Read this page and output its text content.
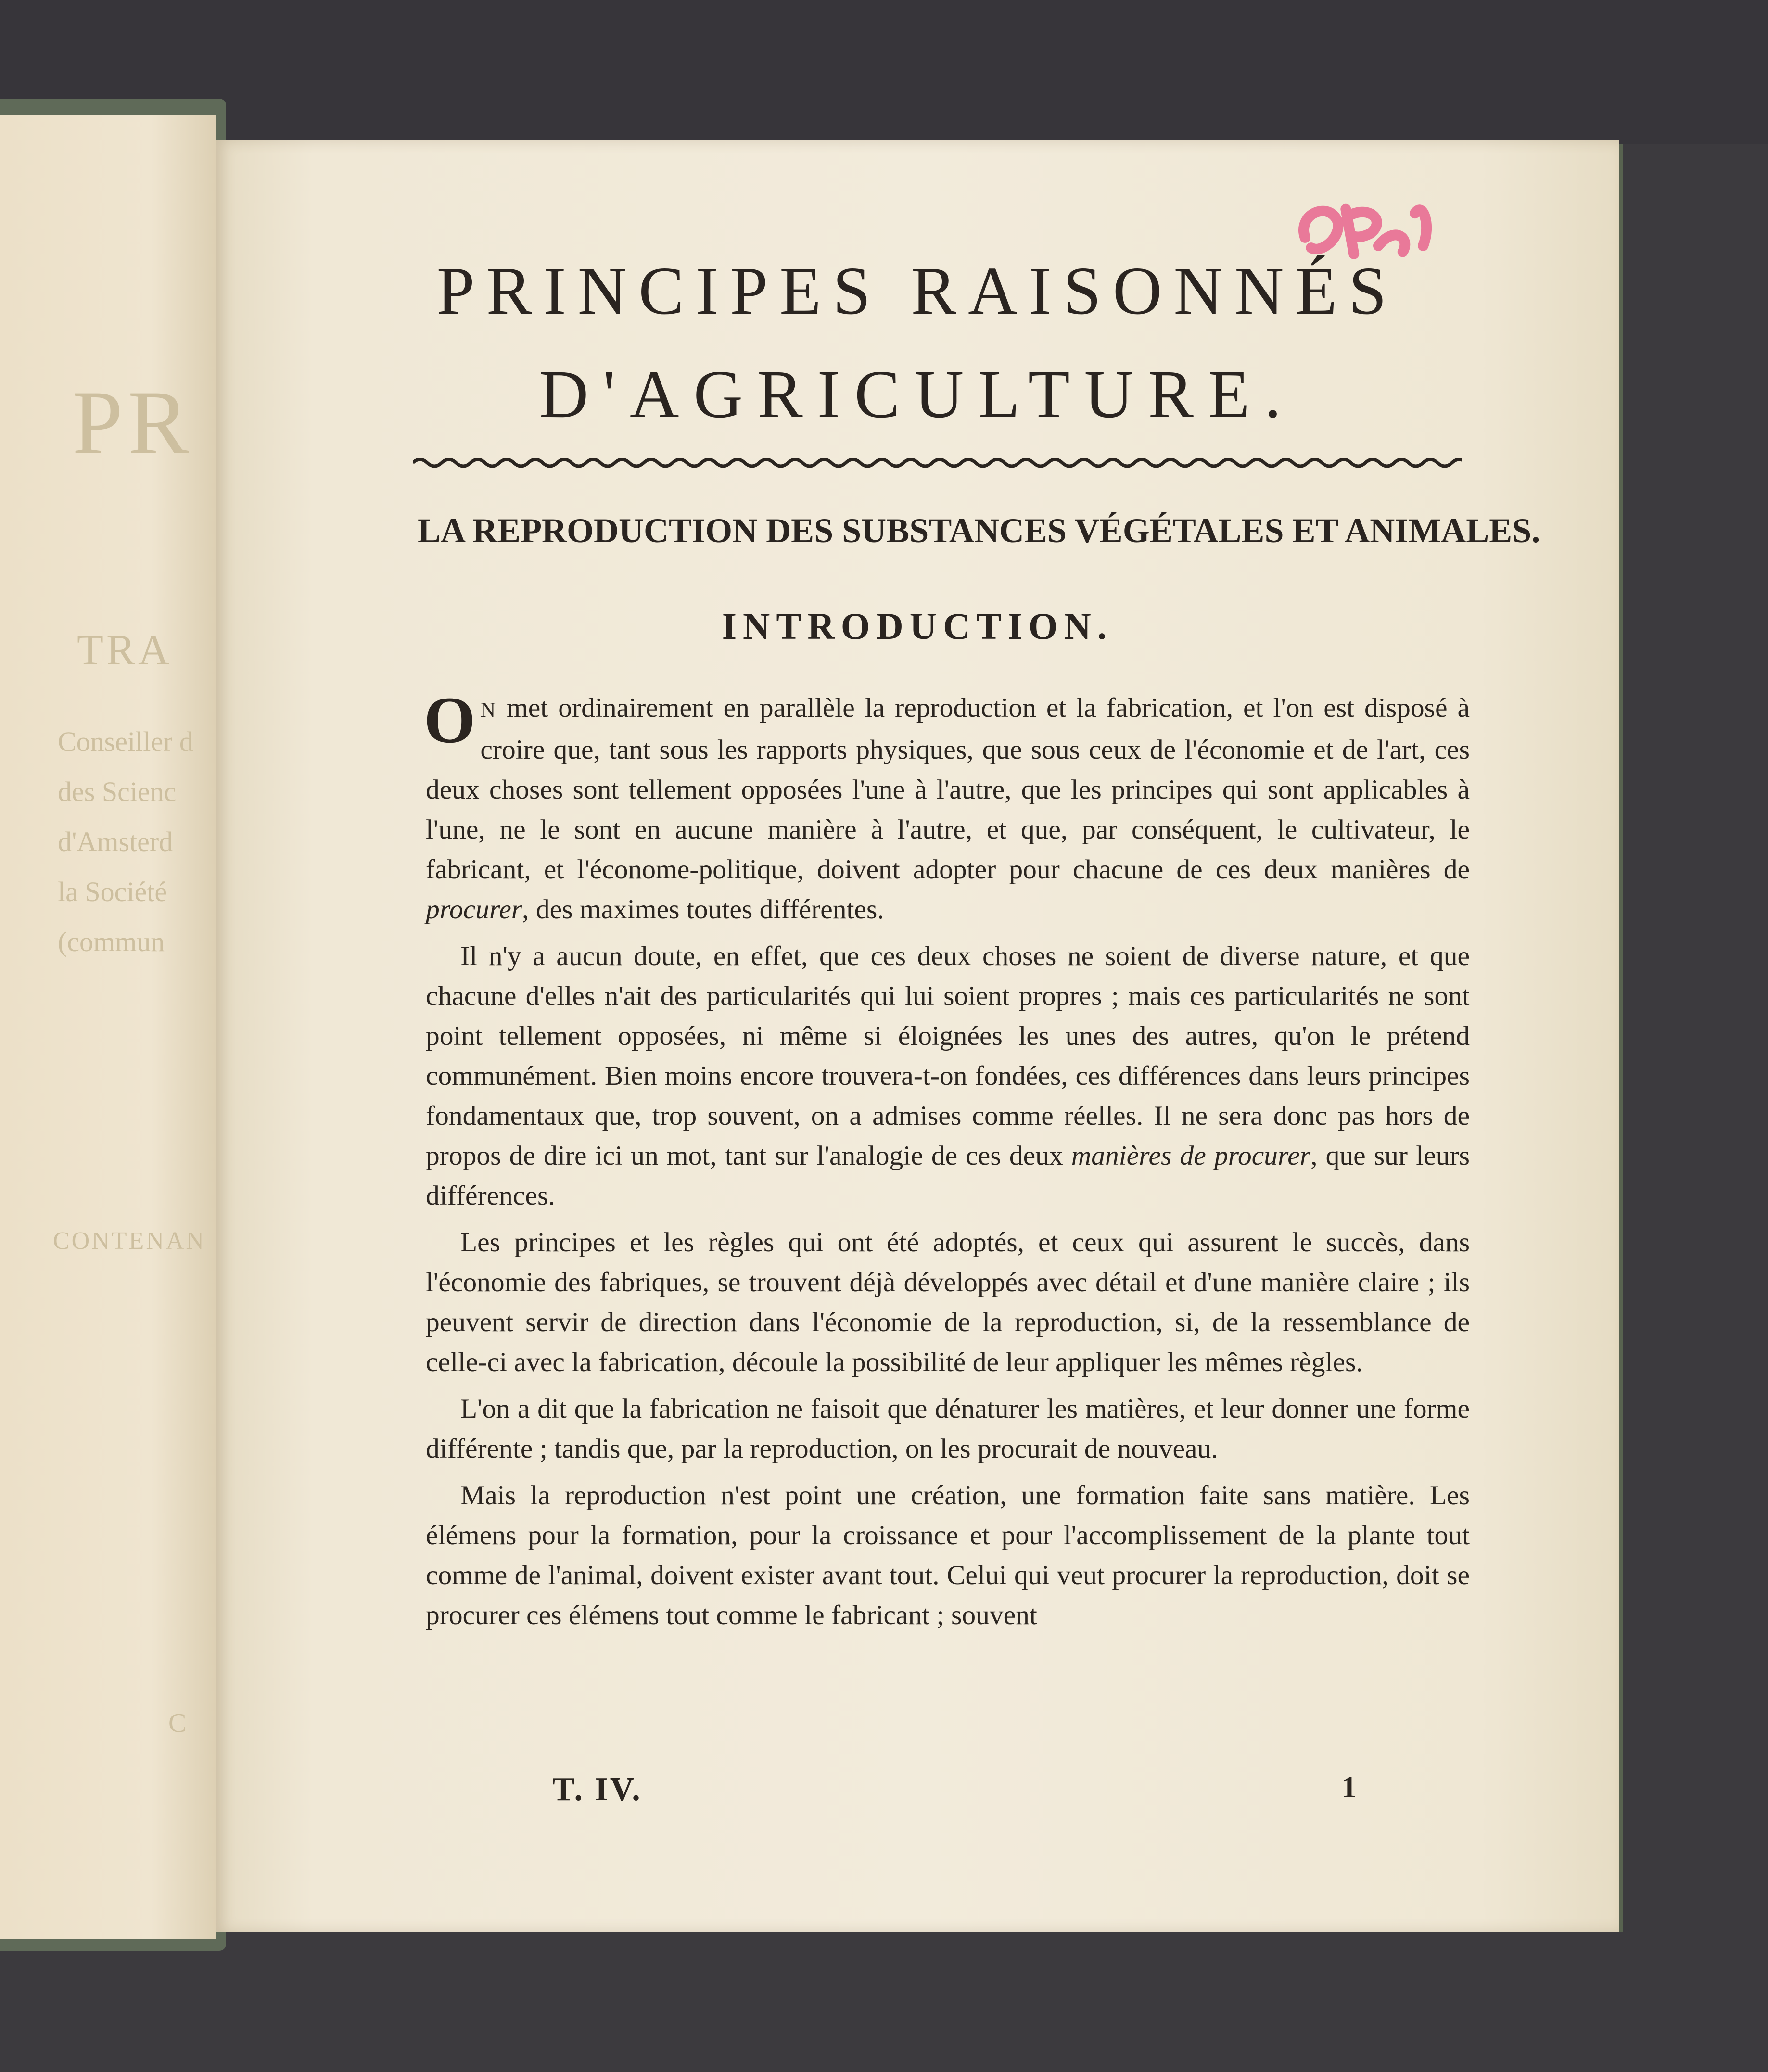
PR
TRA
Conseiller d
des Scienc
d'Amsterd
la Société
(commun
CONTENAN
C
PRINCIPES RAISONNÉS
D'AGRICULTURE.
LA REPRODUCTION DES SUBSTANCES VÉGÉTALES ET ANIMALES.
INTRODUCTION.

O N met ordinairement en parallèle la reproduction et la fabrication, et l'on est disposé à croire que, tant sous les rapports physiques, que sous ceux de l'économie et de l'art, ces deux choses sont tellement opposées l'une à l'autre, que les principes qui sont applicables à l'une, ne le sont en aucune manière à l'autre, et que, par conséquent, le cultivateur, le fabricant, et l'économe-politique, doivent adopter pour chacune de ces deux manières de procurer, des maximes toutes différentes.

Il n'y a aucun doute, en effet, que ces deux choses ne soient de diverse nature, et que chacune d'elles n'ait des particularités qui lui soient propres ; mais ces particularités ne sont point tellement opposées, ni même si éloignées les unes des autres, qu'on le prétend communément. Bien moins encore trouvera-t-on fondées, ces différences dans leurs principes fondamentaux que, trop souvent, on a admises comme réelles. Il ne sera donc pas hors de propos de dire ici un mot, tant sur l'analogie de ces deux manières de procurer, que sur leurs différences.

Les principes et les règles qui ont été adoptés, et ceux qui assurent le succès, dans l'économie des fabriques, se trouvent déjà développés avec détail et d'une manière claire ; ils peuvent servir de direction dans l'économie de la reproduction, si, de la ressemblance de celle-ci avec la fabrication, découle la possibilité de leur appliquer les mêmes règles.

L'on a dit que la fabrication ne faisoit que dénaturer les matières, et leur donner une forme différente ; tandis que, par la reproduction, on les procurait de nouveau.

Mais la reproduction n'est point une création, une formation faite sans matière. Les élémens pour la formation, pour la croissance et pour l'accomplissement de la plante tout comme de l'animal, doivent exister avant tout. Celui qui veut procurer la reproduction, doit se procurer ces élémens tout comme le fabricant ; souvent

T. IV.	1
